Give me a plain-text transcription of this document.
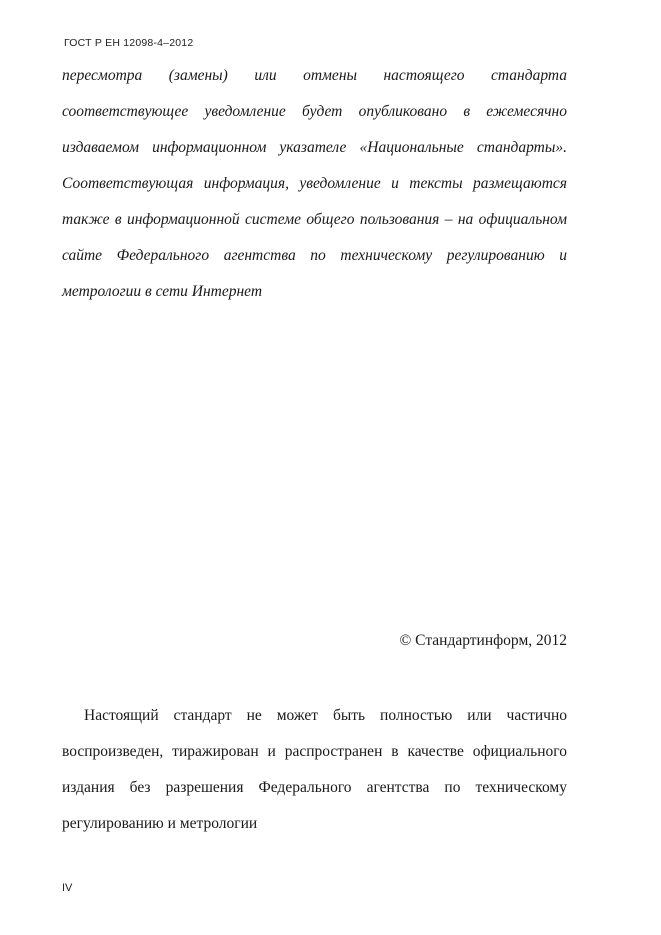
ГОСТ Р ЕН 12098-4–2012
пересмотра (замены) или отмены настоящего стандарта
соответствующее уведомление будет опубликовано в ежемесячно
издаваемом информационном указателе «Национальные стандарты».
Соответствующая информация, уведомление и тексты размещаются
также в информационной системе общего пользования – на официальном
сайте Федерального агентства по техническому регулированию и
метрологии в сети Интернет
© Стандартинформ, 2012
Настоящий стандарт не может быть полностью или частично
воспроизведен, тиражирован и распространен в качестве официального
издания без разрешения Федерального агентства по техническому
регулированию и метрологии
IV
